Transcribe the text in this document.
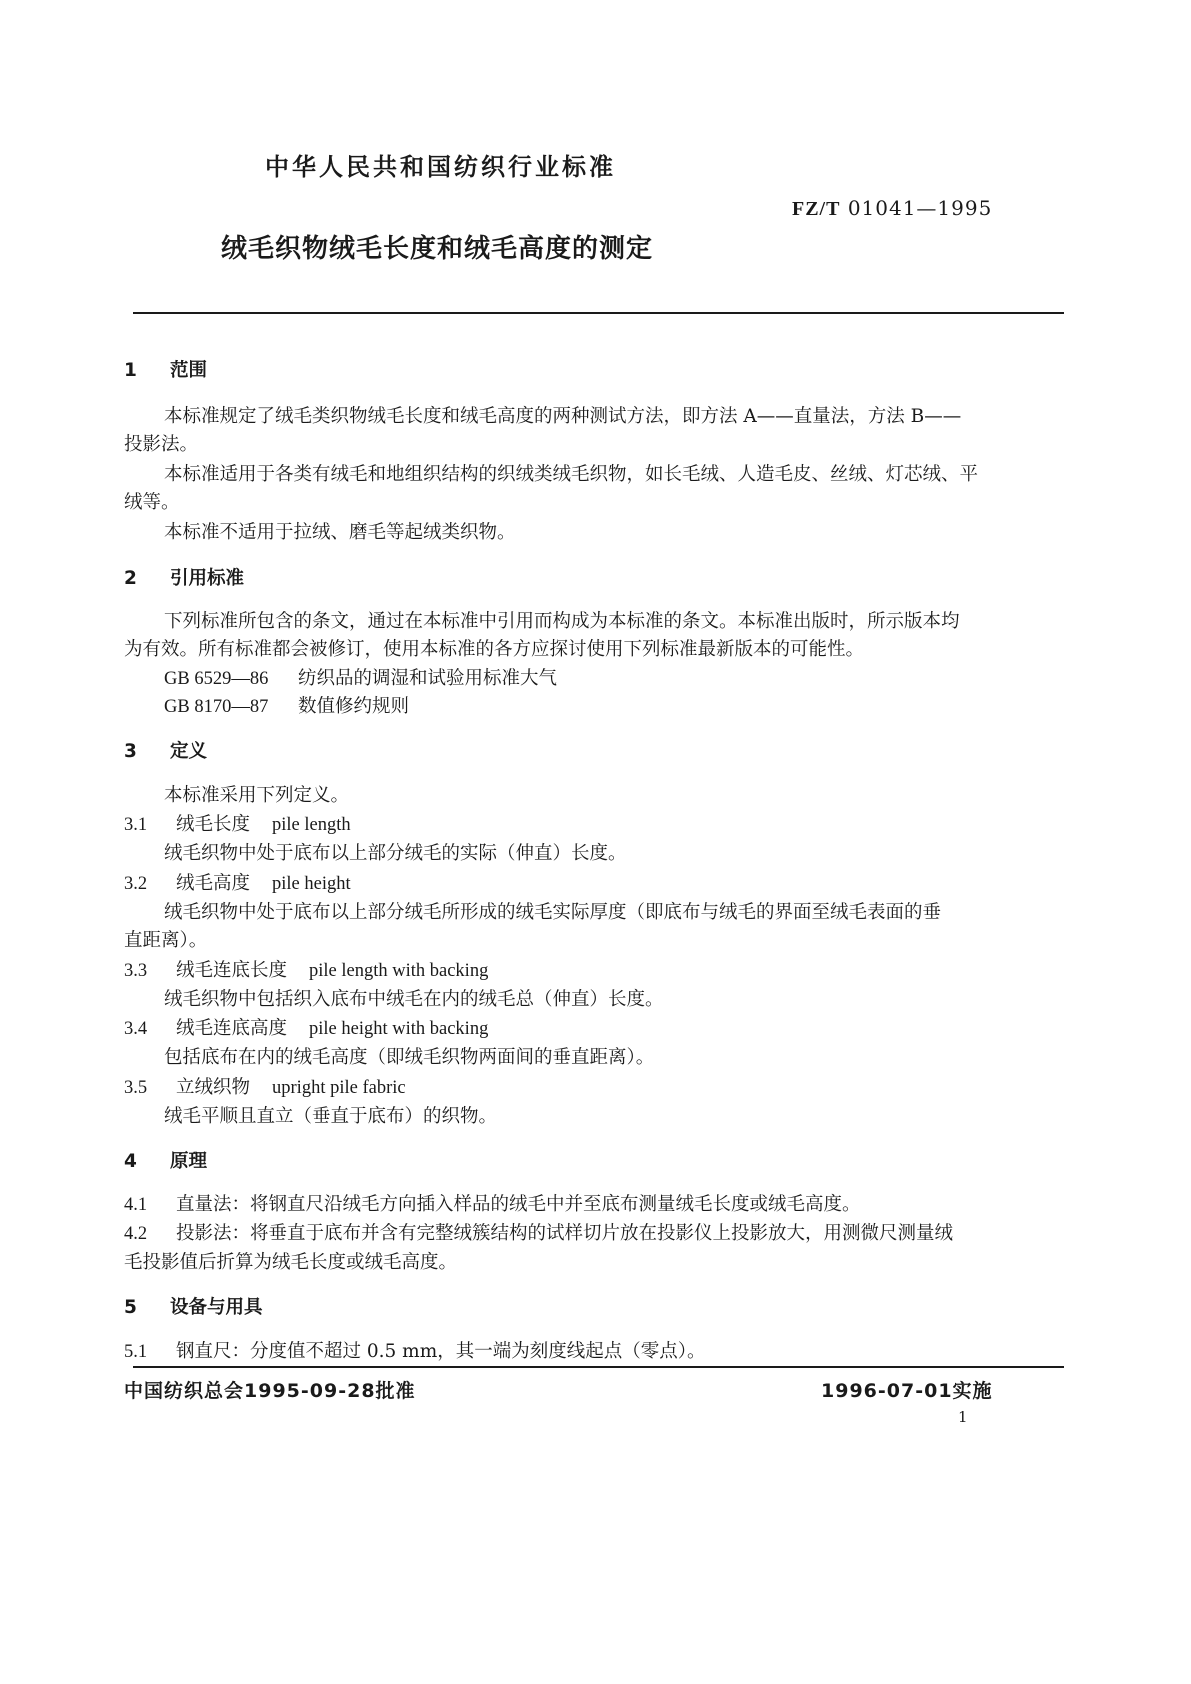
中华人民共和国纺织行业标准
FZ/T 01041—1995
绒毛织物绒毛长度和绒毛高度的测定
1 范围
本标准规定了绒毛类织物绒毛长度和绒毛高度的两种测试方法，即方法 A——直量法，方法 B——
投影法。
本标准适用于各类有绒毛和地组织结构的织绒类绒毛织物，如长毛绒、人造毛皮、丝绒、灯芯绒、平
绒等。
本标准不适用于拉绒、磨毛等起绒类织物。
2 引用标准
下列标准所包含的条文，通过在本标准中引用而构成为本标准的条文。本标准出版时，所示版本均
为有效。所有标准都会被修订，使用本标准的各方应探讨使用下列标准最新版本的可能性。
GB 6529—86 纺织品的调湿和试验用标准大气
GB 8170—87 数值修约规则
3 定义
本标准采用下列定义。
3.1 绒毛长度 pile length
绒毛织物中处于底布以上部分绒毛的实际（伸直）长度。
3.2 绒毛高度 pile height
绒毛织物中处于底布以上部分绒毛所形成的绒毛实际厚度（即底布与绒毛的界面至绒毛表面的垂
直距离）。
3.3 绒毛连底长度 pile length with backing
绒毛织物中包括织入底布中绒毛在内的绒毛总（伸直）长度。
3.4 绒毛连底高度 pile height with backing
包括底布在内的绒毛高度（即绒毛织物两面间的垂直距离）。
3.5 立绒织物 upright pile fabric
绒毛平顺且直立（垂直于底布）的织物。
4 原理
4.1 直量法：将钢直尺沿绒毛方向插入样品的绒毛中并至底布测量绒毛长度或绒毛高度。
4.2 投影法：将垂直于底布并含有完整绒簇结构的试样切片放在投影仪上投影放大，用测微尺测量绒
毛投影值后折算为绒毛长度或绒毛高度。
5 设备与用具
5.1 钢直尺：分度值不超过 0.5 mm，其一端为刻度线起点（零点）。
中国纺织总会1995-09-28批准	1996-07-01实施
1
